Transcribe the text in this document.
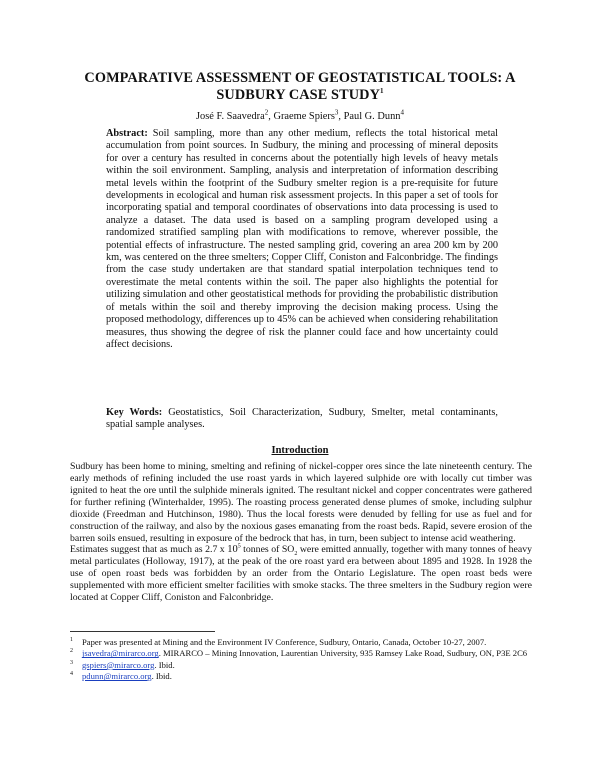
COMPARATIVE ASSESSMENT OF GEOSTATISTICAL TOOLS: A SUDBURY CASE STUDY$^1$
José F. Saavedra$^2$, Graeme Spiers$^3$, Paul G. Dunn$^4$
Abstract: Soil sampling, more than any other medium, reflects the total historical metal accumulation from point sources. In Sudbury, the mining and processing of mineral deposits for over a century has resulted in concerns about the potentially high levels of heavy metals within the soil environment. Sampling, analysis and interpretation of information describing metal levels within the footprint of the Sudbury smelter region is a pre-requisite for future developments in ecological and human risk assessment projects. In this paper a set of tools for incorporating spatial and temporal coordinates of observations into data processing is used to analyze a dataset. The data used is based on a sampling program developed using a randomized stratified sampling plan with modifications to remove, wherever possible, the potential effects of infrastructure. The nested sampling grid, covering an area 200 km by 200 km, was centered on the three smelters; Copper Cliff, Coniston and Falconbridge. The findings from the case study undertaken are that standard spatial interpolation techniques tend to overestimate the metal contents within the soil. The paper also highlights the potential for utilizing simulation and other geostatistical methods for providing the probabilistic distribution of metals within the soil and thereby improving the decision making process. Using the proposed methodology, differences up to 45% can be achieved when considering rehabilitation measures, thus showing the degree of risk the planner could face and how uncertainty could affect decisions.
Key Words: Geostatistics, Soil Characterization, Sudbury, Smelter, metal contaminants, spatial sample analyses.
Introduction

Sudbury has been home to mining, smelting and refining of nickel-copper ores since the late nineteenth century. The early methods of refining included the use roast yards in which layered sulphide ore with locally cut timber was ignited to heat the ore until the sulphide minerals ignited. The resultant nickel and copper concentrates were gathered for further refining (Winterhalder, 1995). The roasting process generated dense plumes of smoke, including sulphur dioxide (Freedman and Hutchinson, 1980). Thus the local forests were denuded by felling for use as fuel and for construction of the railway, and also by the noxious gases emanating from the roast beds. Rapid, severe erosion of the barren soils ensued, resulting in exposure of the bedrock that has, in turn, been subject to intense acid weathering.

Estimates suggest that as much as 2.7 x $10^5$ tonnes of $SO_2$ were emitted annually, together with many tonnes of heavy metal particulates (Holloway, 1917), at the peak of the ore roast yard era between about 1895 and 1928. In 1928 the use of open roast beds was forbidden by an order from the Ontario Legislature. The open roast beds were supplemented with more efficient smelter facilities with smoke stacks. The three smelters in the Sudbury region were located at Copper Cliff, Coniston and Falconbridge.

1 Paper was presented at Mining and the Environment IV Conference, Sudbury, Ontario, Canada, October 10-27, 2007.

2 jsavedra@mirarco.org. MIRARCO – Mining Innovation, Laurentian University, 935 Ramsey Lake Road, Sudbury, ON, P3E 2C6

3 gspiers@mirarco.org. Ibid.

4 pdunn@mirarco.org. Ibid.
